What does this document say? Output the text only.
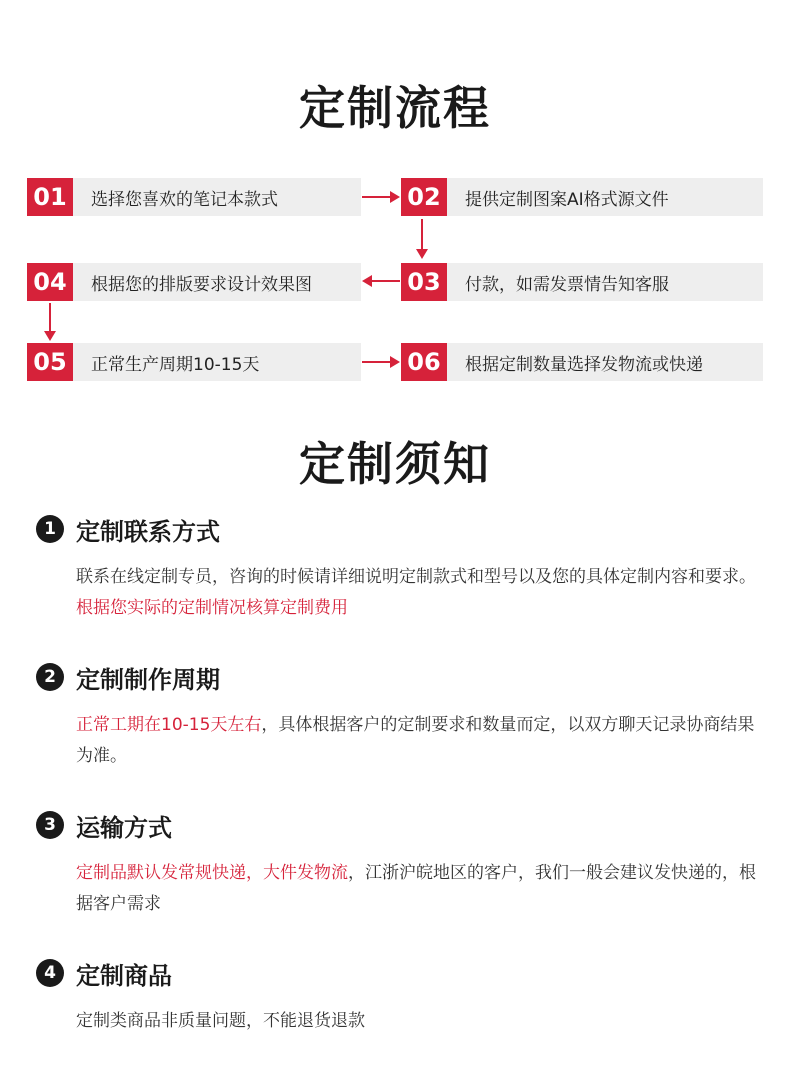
定制流程
01	选择您喜欢的笔记本款式	02	提供定制图案AI格式源文件
03	付款，如需发票情告知客服
04	根据您的排版要求设计效果图
05	正常生产周期10-15天	06	根据定制数量选择发物流或快递
定制须知
1 定制联系方式
联系在线定制专员，咨询的时候请详细说明定制款式和型号以及您的具体定制内容和要求。根据您实际的定制情况核算定制费用
2 定制制作周期
正常工期在10-15天左右，具体根据客户的定制要求和数量而定，以双方聊天记录协商结果为准。
3 运输方式
定制品默认发常规快递，大件发物流，江浙沪皖地区的客户，我们一般会建议发快递的，根据客户需求
4 定制商品
定制类商品非质量问题，不能退货退款
